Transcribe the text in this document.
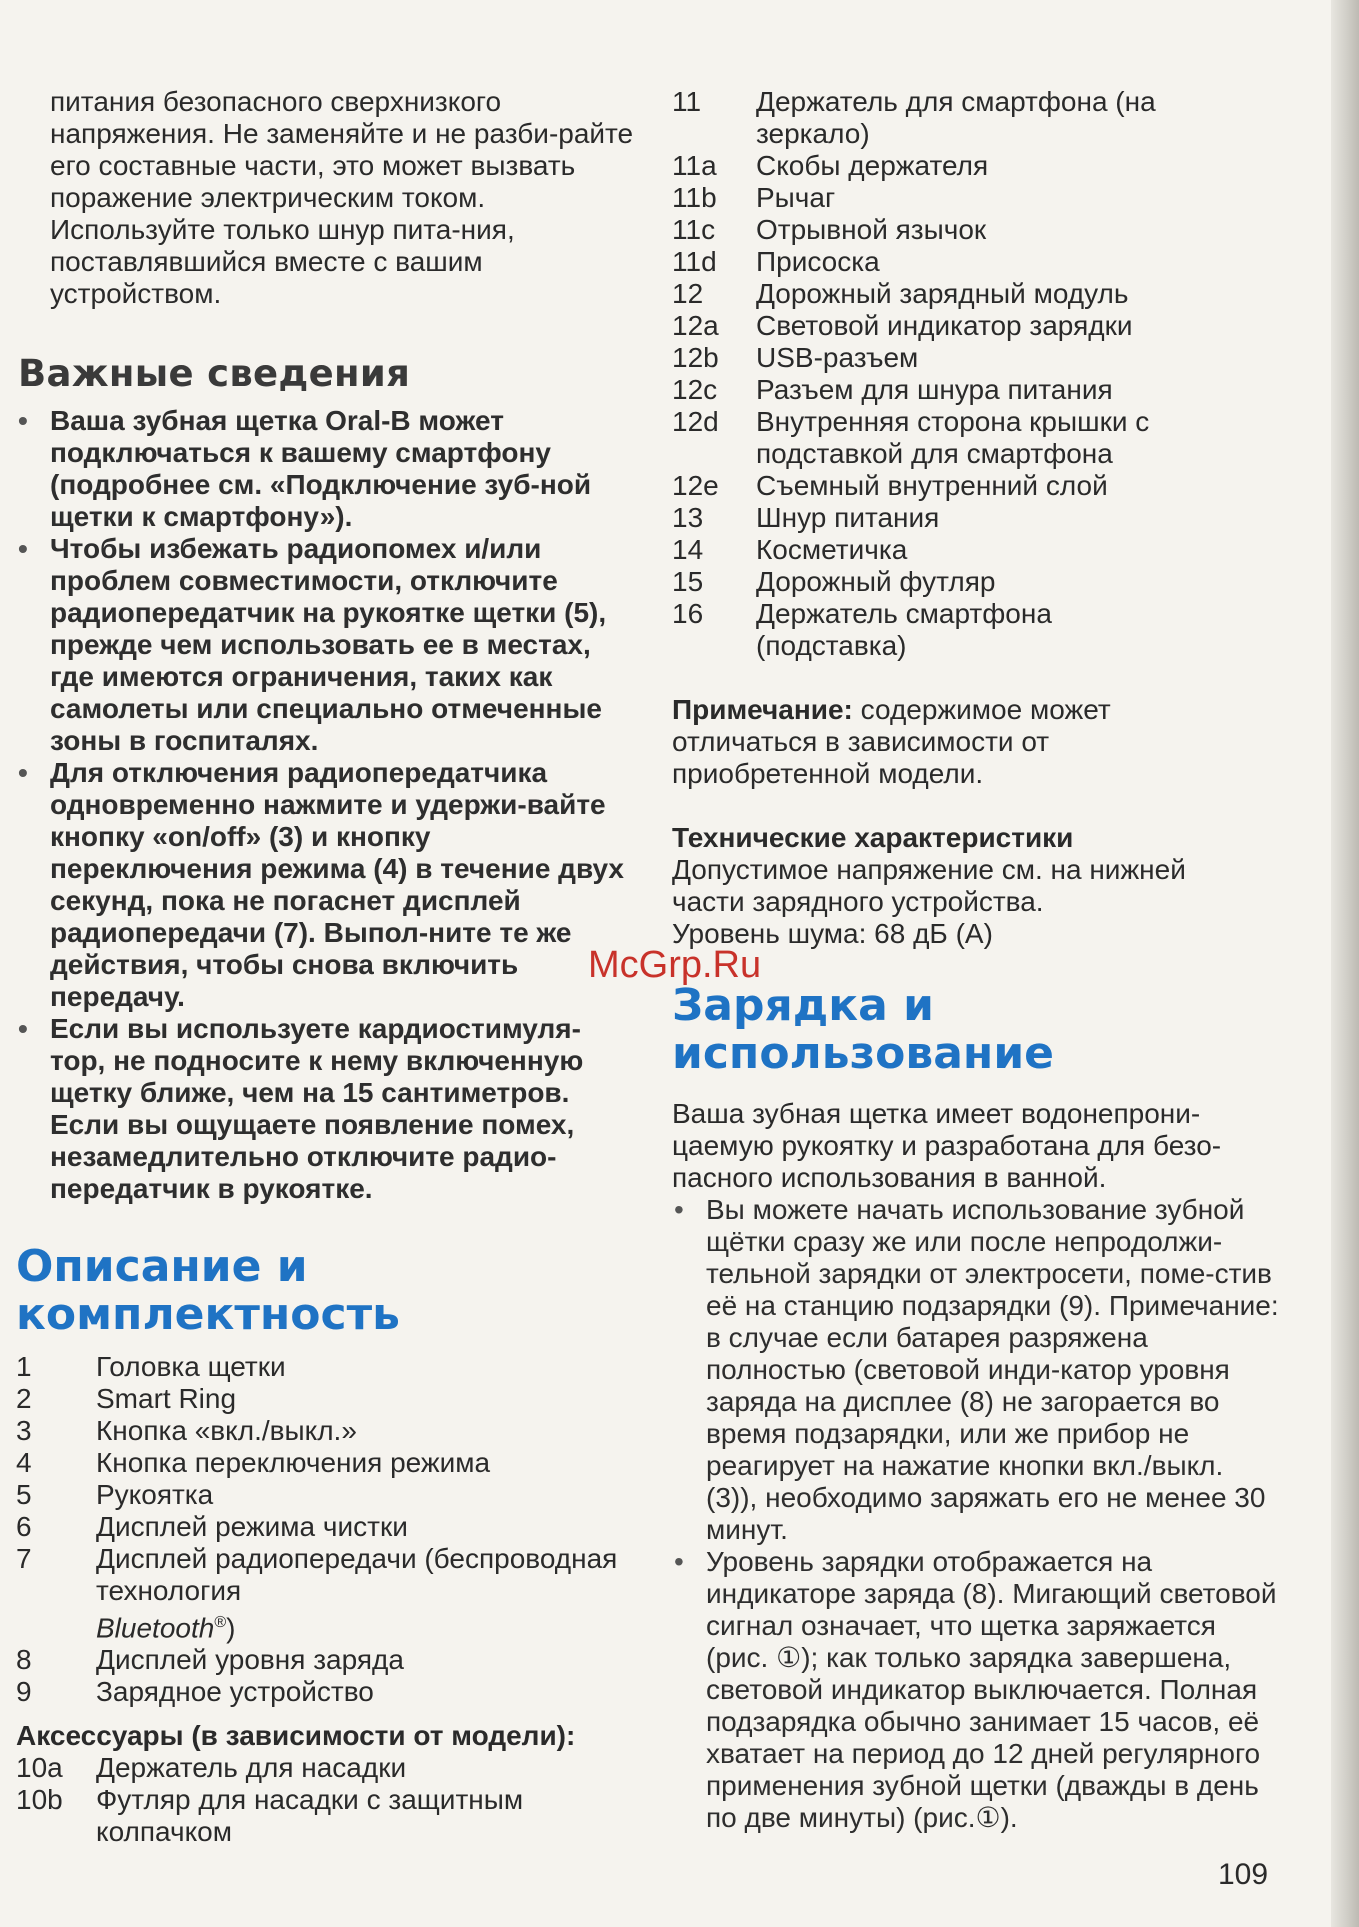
питания безопасного сверхнизкого напряжения. Не заменяйте и не разби-райте его составные части, это может вызвать поражение электрическим током. Используйте только шнур пита-ния, поставлявшийся вместе с вашим устройством.

Важные сведения
• Ваша зубная щетка Oral-B может подключаться к вашему смартфону (подробнее см. «Подключение зуб-ной щетки к смартфону»).
• Чтобы избежать радиопомех и/или проблем совместимости, отключите радиопередатчик на рукоятке щетки (5), прежде чем использовать ее в местах, где имеются ограничения, таких как самолеты или специально отмеченные зоны в госпиталях.
• Для отключения радиопередатчика одновременно нажмите и удержи-вайте кнопку «on/off» (3) и кнопку переключения режима (4) в течение двух секунд, пока не погаснет дисплей радиопередачи (7). Выпол-ните те же действия, чтобы снова включить передачу.
• Если вы используете кардиостимуля-тор, не подносите к нему включенную щетку ближе, чем на 15 сантиметров. Если вы ощущаете появление помех, незамедлительно отключите радио-передатчик в рукоятке.
Описание и
комплектность
1	Головка щетки
2	Smart Ring
3	Кнопка «вкл./выкл.»
4	Кнопка переключения режима
5	Рукоятка
6	Дисплей режима чистки
7	Дисплей радиопередачи (беспроводная технология
Bluetooth®)
8	Дисплей уровня заряда
9	Зарядное устройство

Аксессуары (в зависимости от модели):

10a	Держатель для насадки
10b	Футляр для насадки с защитным колпачком
11	Держатель для смартфона (на зеркало)
11a	Скобы держателя
11b	Рычаг
11c	Отрывной язычок
11d	Присоска
12	Дорожный зарядный модуль
12a	Световой индикатор зарядки
12b	USB-разъем
12c	Разъем для шнура питания
12d	Внутренняя сторона крышки с подставкой для смартфона
12e	Съемный внутренний слой
13	Шнур питания
14	Косметичка
15	Дорожный футляр
16	Держатель смартфона (подставка)

Примечание: содержимое может отличаться в зависимости от приобретенной модели.

Технические характеристики

Допустимое напряжение см. на нижней части зарядного устройства.

Уровень шума: 68 дБ (A)

Зарядка и
использование

Ваша зубная щетка имеет водонепрони-цаемую рукоятку и разработана для безо-пасного использования в ванной.

• Вы можете начать использование зубной щётки сразу же или после непродолжи-тельной зарядки от электросети, поме-стив её на станцию подзарядки (9). Примечание: в случае если батарея разряжена полностью (световой инди-катор уровня заряда на дисплее (8) не загорается во время подзарядки, или же прибор не реагирует на нажатие кнопки вкл./выкл. (3)), необходимо заряжать его не менее 30 минут.
• Уровень зарядки отображается на индикаторе заряда (8). Мигающий световой сигнал означает, что щетка заряжается (рис. ①); как только зарядка завершена, световой индикатор выключается. Полная подзарядка обычно занимает 15 часов, её хватает на период до 12 дней регулярного применения зубной щетки (дважды в день по две минуты) (рис.①).
McGrp.Ru
109
